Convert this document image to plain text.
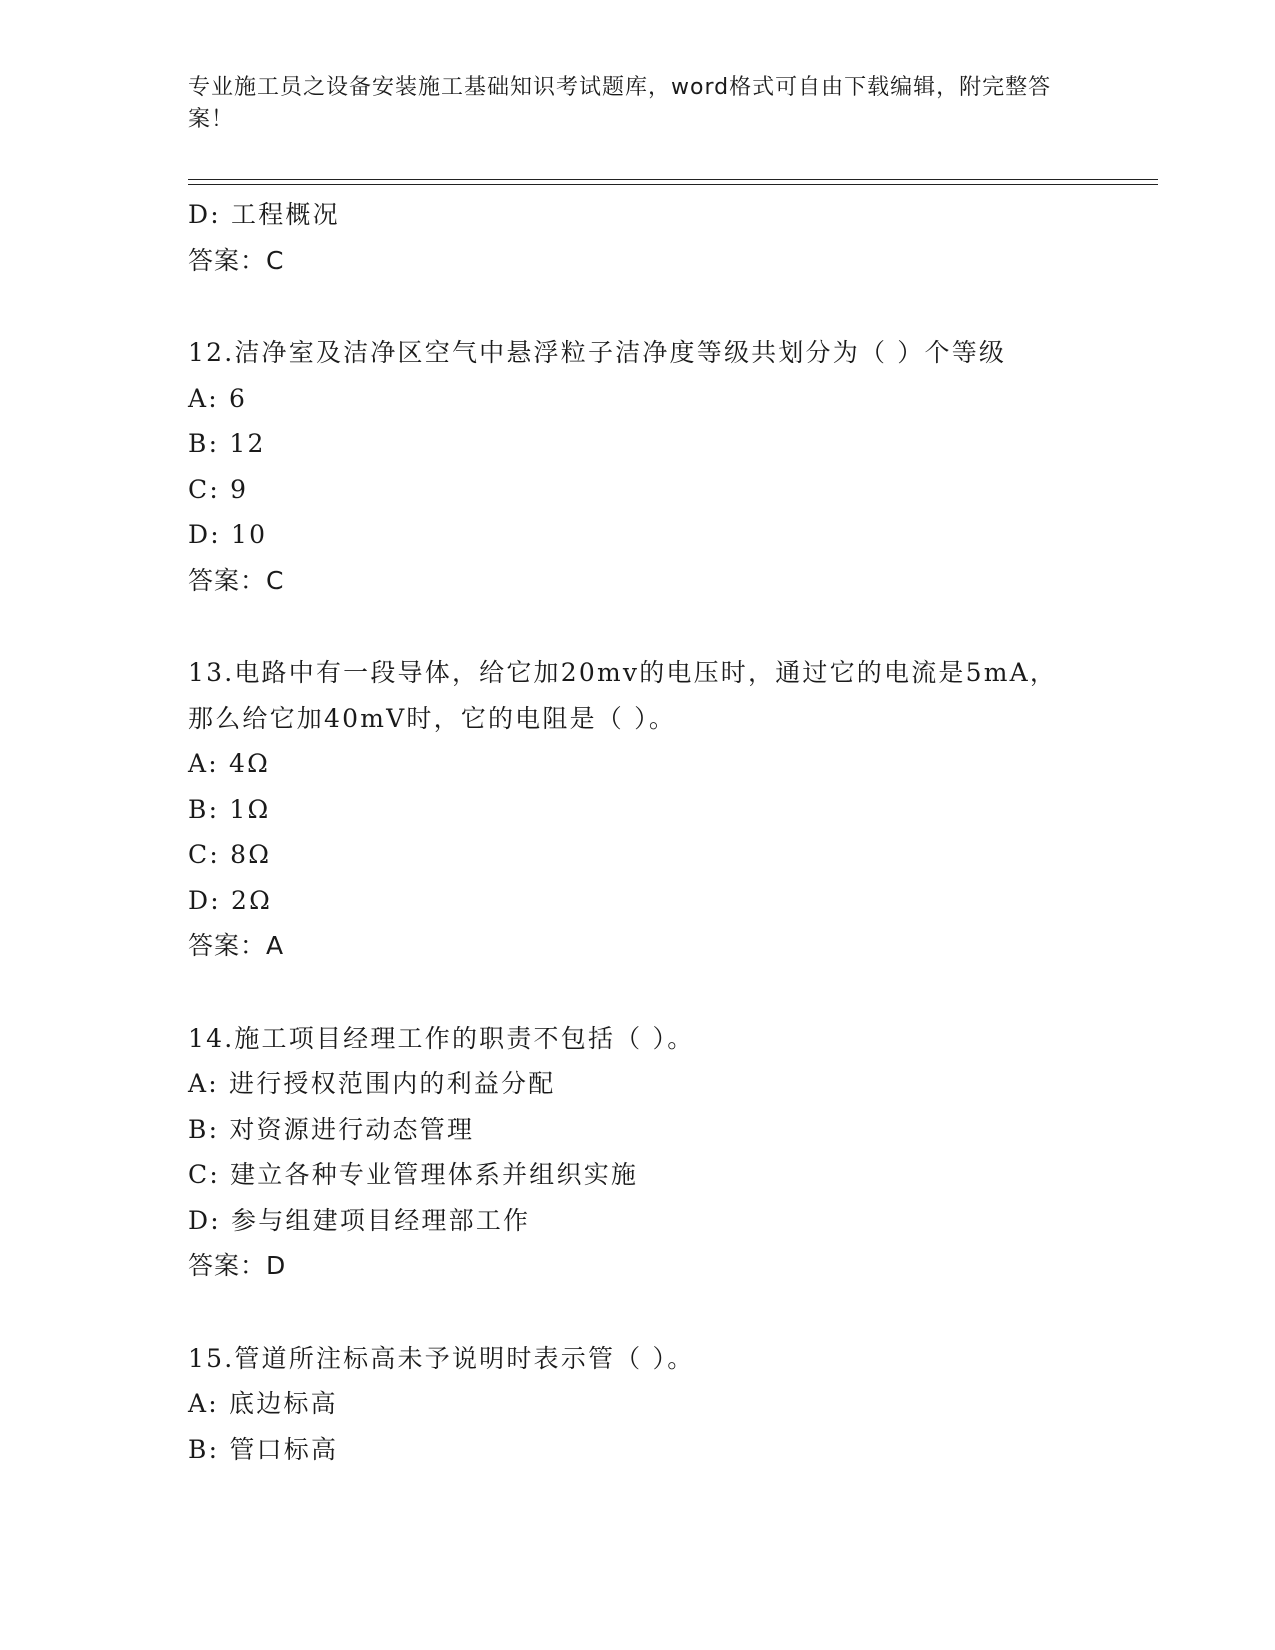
专业施工员之设备安装施工基础知识考试题库，word格式可自由下载编辑，附完整答案！
D: 工程概况
答案：C
12.洁净室及洁净区空气中悬浮粒子洁净度等级共划分为（ ）个等级
A: 6
B: 12
C: 9
D: 10
答案：C
13.电路中有一段导体，给它加20mv的电压时，通过它的电流是5mA，
那么给它加40mV时，它的电阻是（ ）。
A: 4Ω
B: 1Ω
C: 8Ω
D: 2Ω
答案：A
14.施工项目经理工作的职责不包括（ ）。
A: 进行授权范围内的利益分配
B: 对资源进行动态管理
C: 建立各种专业管理体系并组织实施
D: 参与组建项目经理部工作
答案：D
15.管道所注标高未予说明时表示管（ ）。
A: 底边标高
B: 管口标高
